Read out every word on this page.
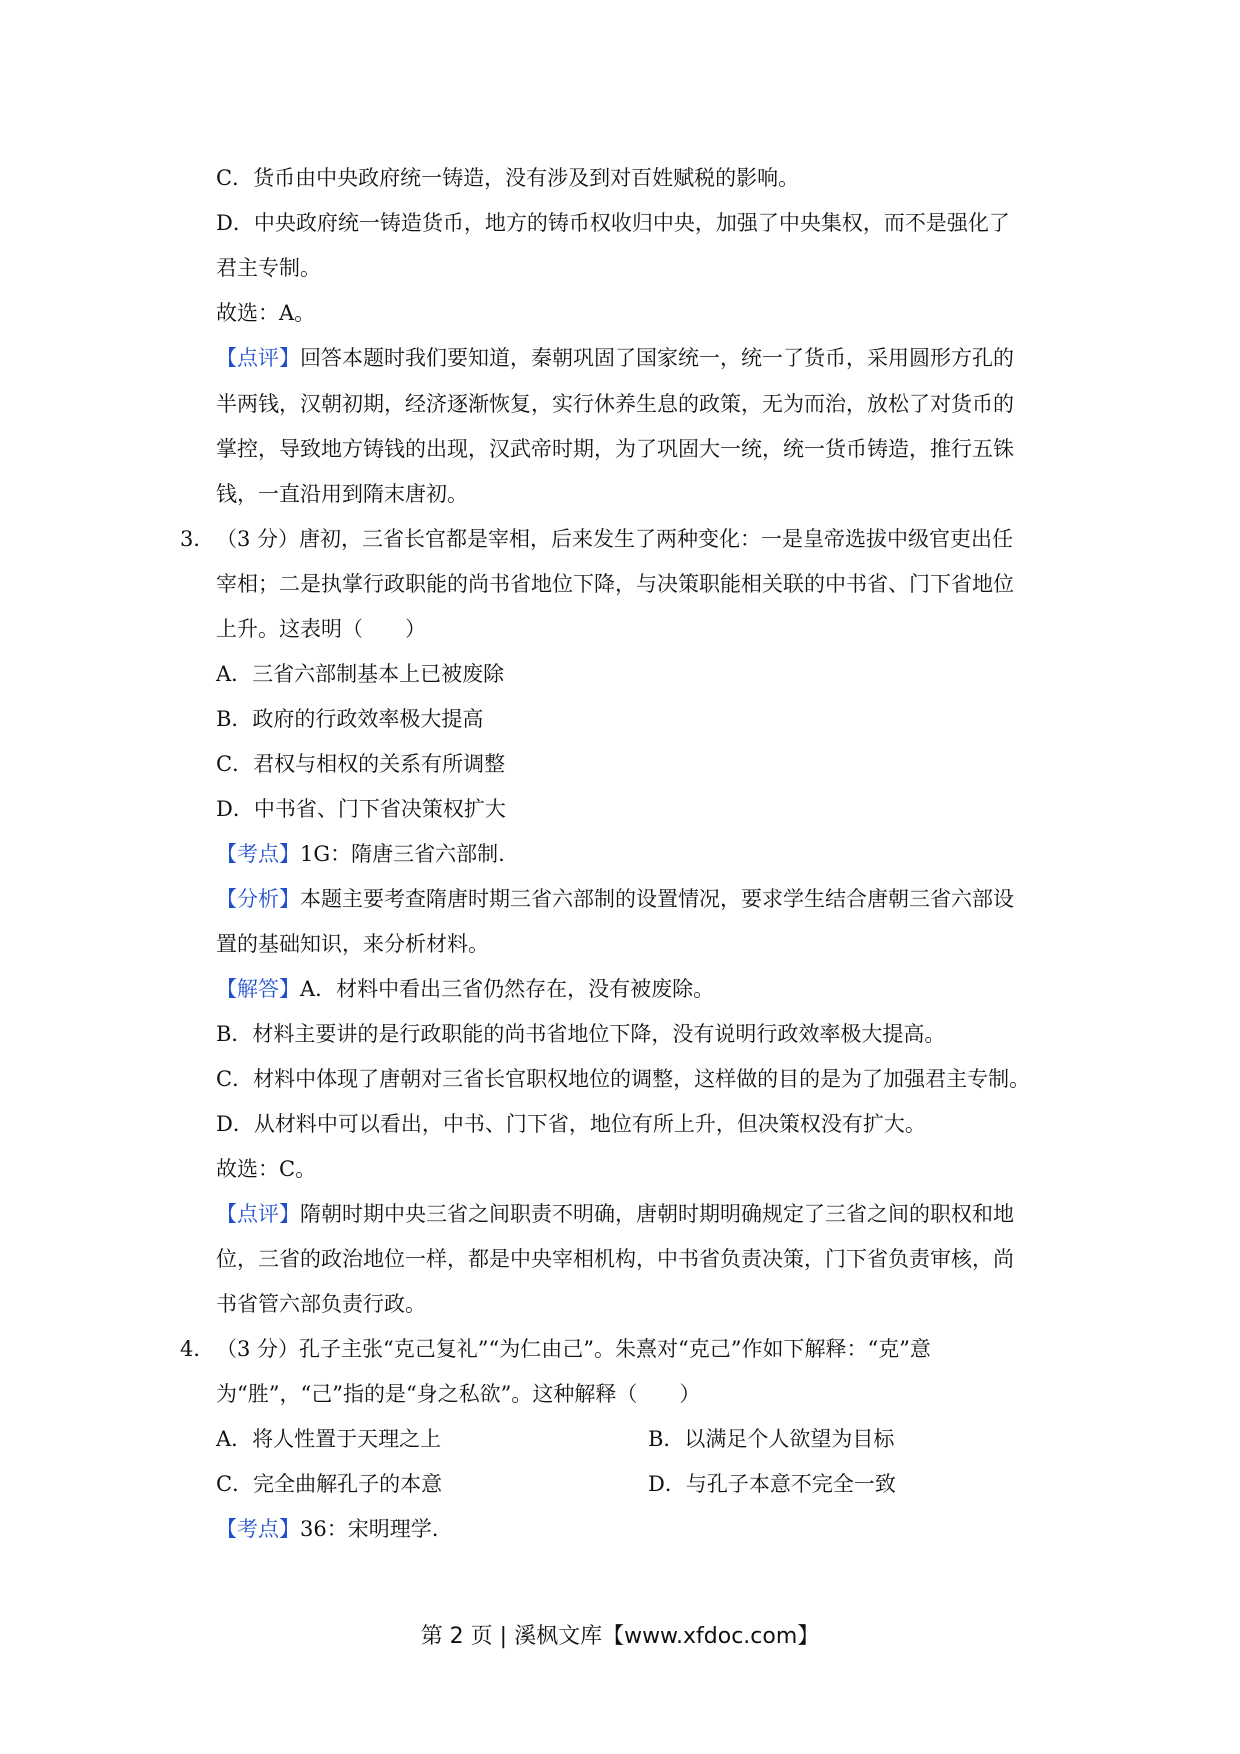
C．货币由中央政府统一铸造，没有涉及到对百姓赋税的影响。
D．中央政府统一铸造货币，地方的铸币权收归中央，加强了中央集权，而不是强化了
君主专制。
故选：A。
【点评】回答本题时我们要知道，秦朝巩固了国家统一，统一了货币，采用圆形方孔的
半两钱，汉朝初期，经济逐渐恢复，实行休养生息的政策，无为而治，放松了对货币的
掌控，导致地方铸钱的出现，汉武帝时期，为了巩固大一统，统一货币铸造，推行五铢
钱，一直沿用到隋末唐初。
3． （3 分）唐初，三省长官都是宰相，后来发生了两种变化：一是皇帝选拔中级官吏出任
宰相；二是执掌行政职能的尚书省地位下降，与决策职能相关联的中书省、门下省地位
上升。这表明（　　）
A．三省六部制基本上已被废除
B．政府的行政效率极大提高
C．君权与相权的关系有所调整
D．中书省、门下省决策权扩大
【考点】1G：隋唐三省六部制.
【分析】本题主要考查隋唐时期三省六部制的设置情况，要求学生结合唐朝三省六部设
置的基础知识，来分析材料。
【解答】A．材料中看出三省仍然存在，没有被废除。
B．材料主要讲的是行政职能的尚书省地位下降，没有说明行政效率极大提高。
C．材料中体现了唐朝对三省长官职权地位的调整，这样做的目的是为了加强君主专制。
D．从材料中可以看出，中书、门下省，地位有所上升，但决策权没有扩大。
故选：C。
【点评】隋朝时期中央三省之间职责不明确，唐朝时期明确规定了三省之间的职权和地
位，三省的政治地位一样，都是中央宰相机构，中书省负责决策，门下省负责审核，尚
书省管六部负责行政。
4． （3 分）孔子主张“克己复礼”“为仁由己”。朱熹对“克己”作如下解释：“克”意
为“胜”，“己”指的是“身之私欲”。这种解释（　　）
A．将人性置于天理之上	B．以满足个人欲望为目标
C．完全曲解孔子的本意	D．与孔子本意不完全一致
【考点】36：宋明理学.
第 2 页 | 溪枫文库【www.xfdoc.com】
